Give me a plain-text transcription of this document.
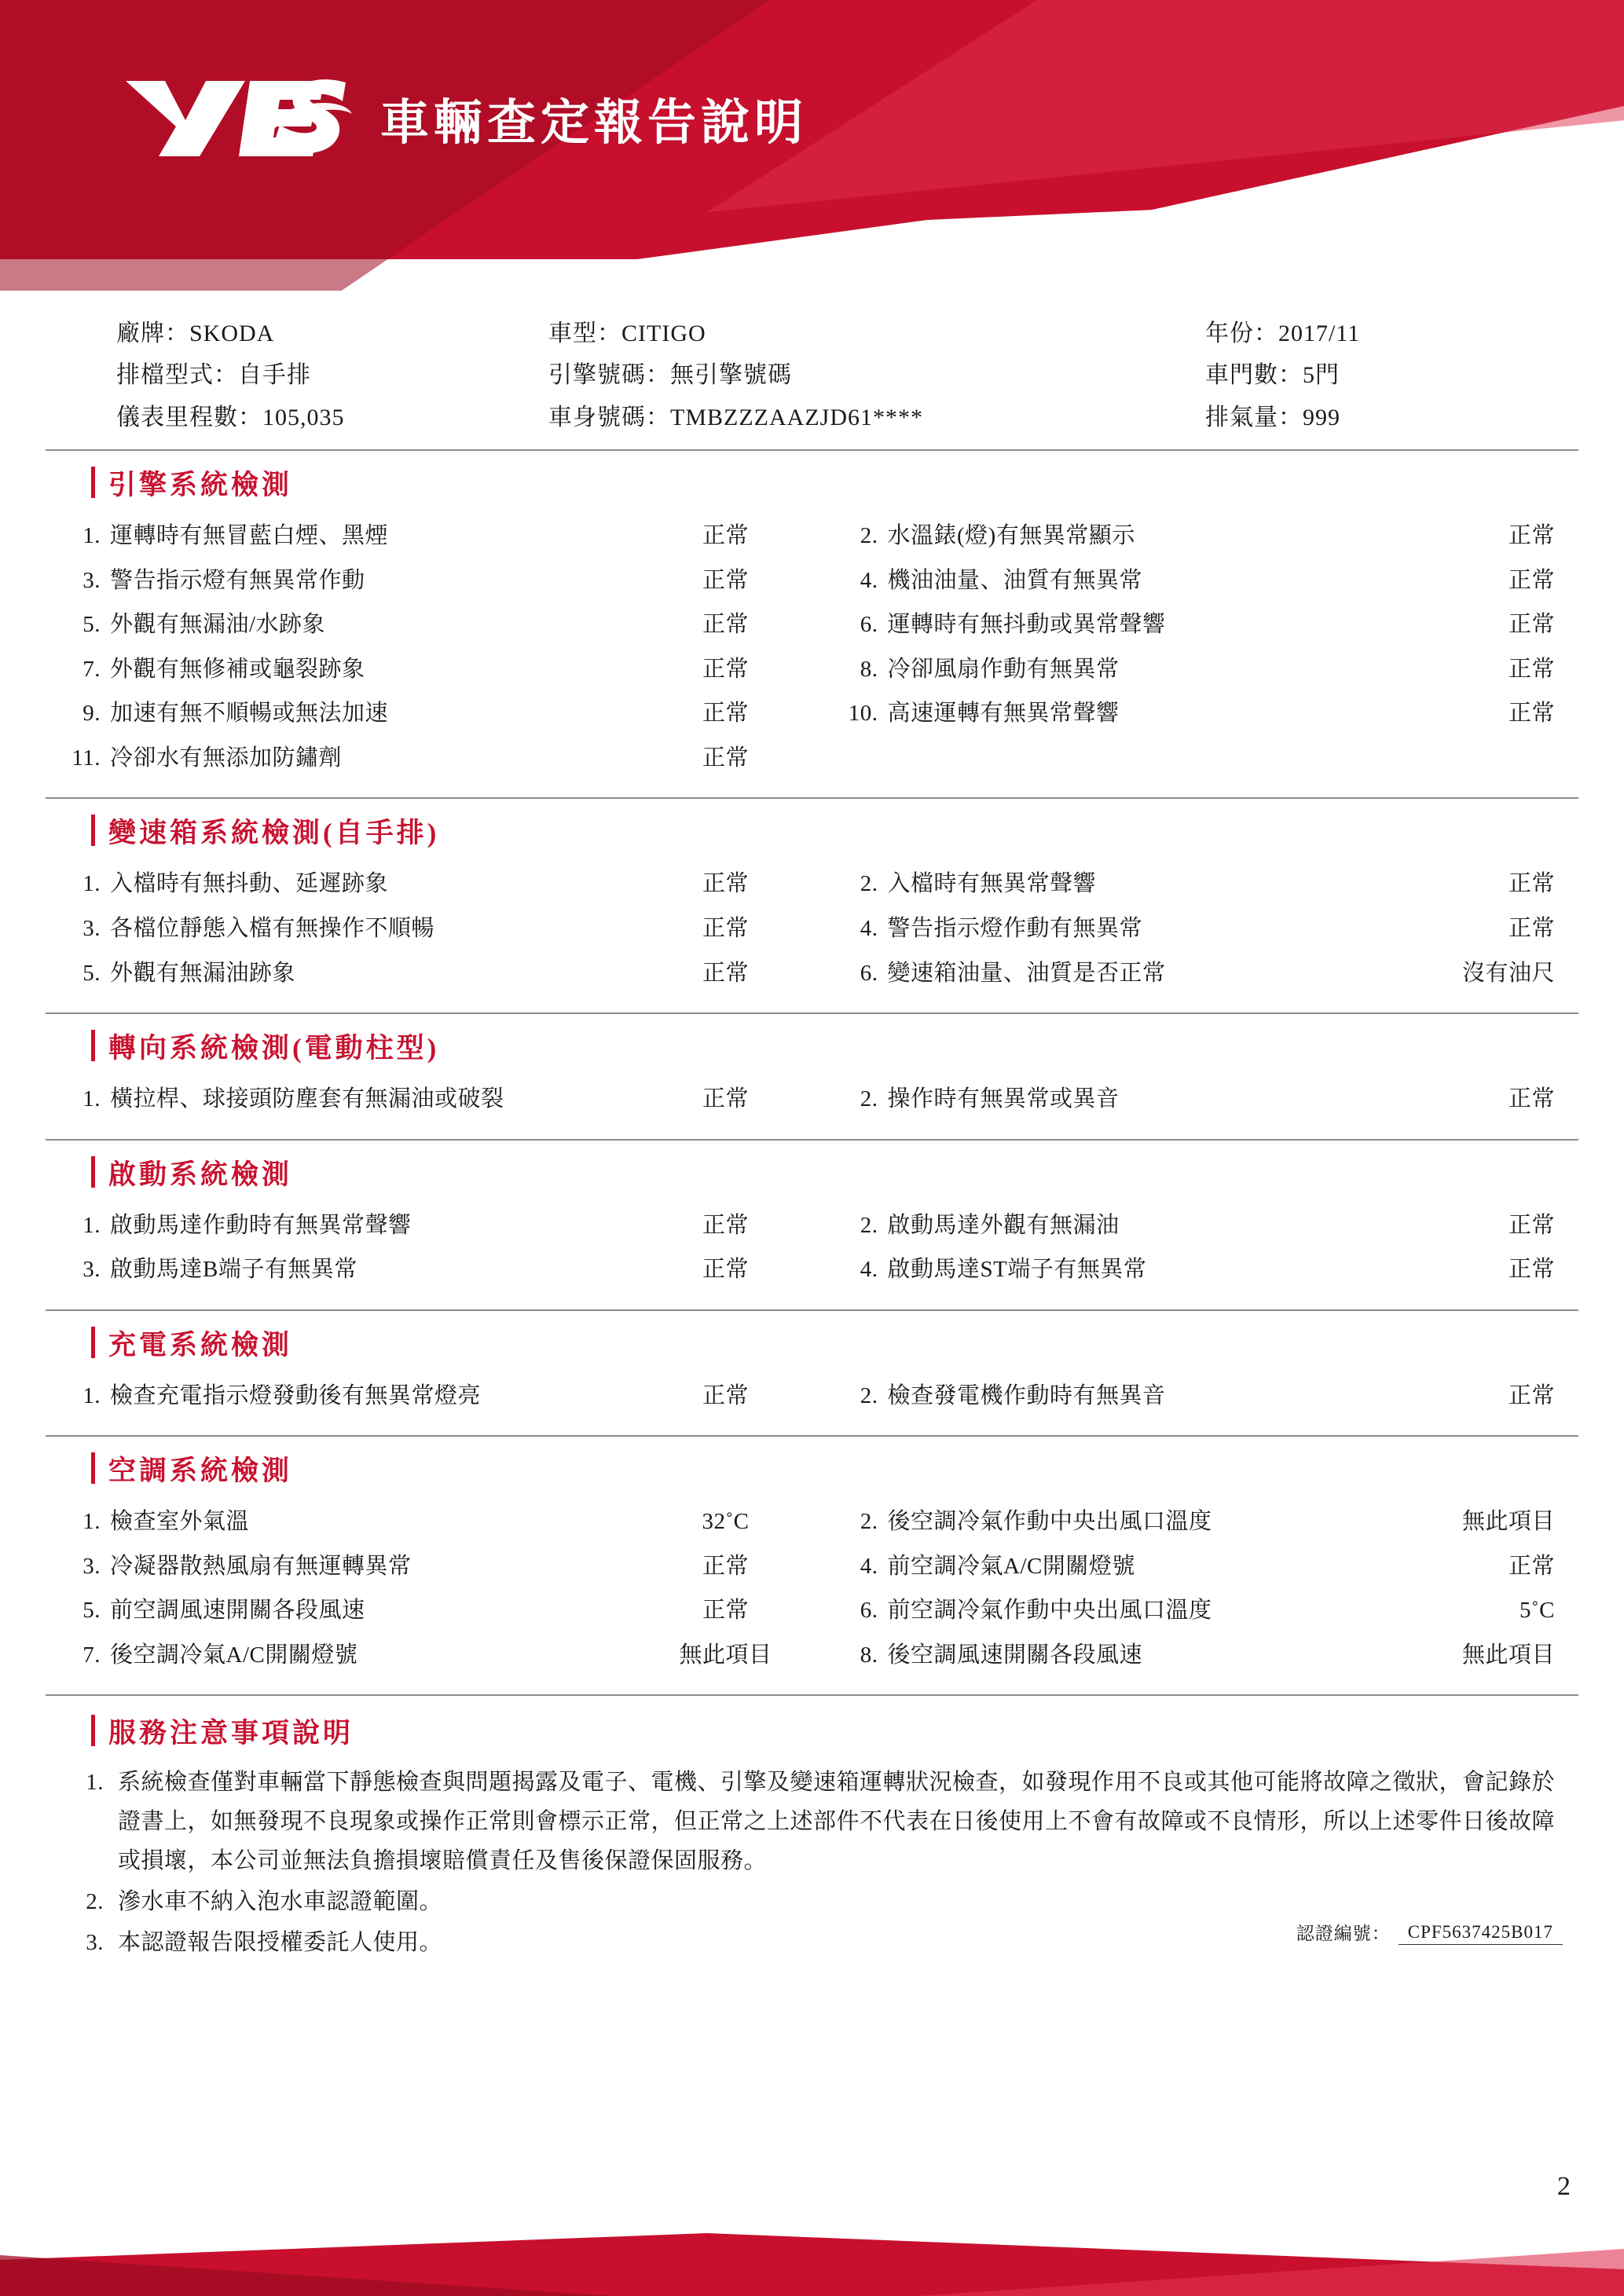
車輛查定報告說明
廠牌：SKODA	車型：CITIGO	年份：2017/11
排檔型式：自手排	引擎號碼：無引擎號碼	車門數：5門
儀表里程數：105,035	車身號碼：TMBZZZAAZJD61****	排氣量：999
引擎系統檢測
1. 運轉時有無冒藍白煙、黑煙	正常	2. 水溫錶(燈)有無異常顯示	正常
3. 警告指示燈有無異常作動	正常	4. 機油油量、油質有無異常	正常
5. 外觀有無漏油/水跡象	正常	6. 運轉時有無抖動或異常聲響	正常
7. 外觀有無修補或龜裂跡象	正常	8. 冷卻風扇作動有無異常	正常
9. 加速有無不順暢或無法加速	正常	10. 高速運轉有無異常聲響	正常
11. 冷卻水有無添加防鏽劑	正常
變速箱系統檢測(自手排)
1. 入檔時有無抖動、延遲跡象	正常	2. 入檔時有無異常聲響	正常
3. 各檔位靜態入檔有無操作不順暢	正常	4. 警告指示燈作動有無異常	正常
5. 外觀有無漏油跡象	正常	6. 變速箱油量、油質是否正常	沒有油尺
轉向系統檢測(電動柱型)
1. 橫拉桿、球接頭防塵套有無漏油或破裂	正常	2. 操作時有無異常或異音	正常
啟動系統檢測
1. 啟動馬達作動時有無異常聲響	正常	2. 啟動馬達外觀有無漏油	正常
3. 啟動馬達B端子有無異常	正常	4. 啟動馬達ST端子有無異常	正常
充電系統檢測
1. 檢查充電指示燈發動後有無異常燈亮	正常	2. 檢查發電機作動時有無異音	正常
空調系統檢測
1. 檢查室外氣溫	32˚C	2. 後空調冷氣作動中央出風口溫度	無此項目
3. 冷凝器散熱風扇有無運轉異常	正常	4. 前空調冷氣A/C開關燈號	正常
5. 前空調風速開關各段風速	正常	6. 前空調冷氣作動中央出風口溫度	5˚C
7. 後空調冷氣A/C開關燈號	無此項目	8. 後空調風速開關各段風速	無此項目
服務注意事項說明
1. 系統檢查僅對車輛當下靜態檢查與問題揭露及電子、電機、引擎及變速箱運轉狀況檢查，如發現作用不良或其他可能將故障之徵狀，會記錄於證書上，如無發現不良現象或操作正常則會標示正常，但正常之上述部件不代表在日後使用上不會有故障或不良情形，所以上述零件日後故障或損壞，本公司並無法負擔損壞賠償責任及售後保證保固服務。
2. 滲水車不納入泡水車認證範圍。
3. 本認證報告限授權委託人使用。	認證編號： CPF5637425B017
2
